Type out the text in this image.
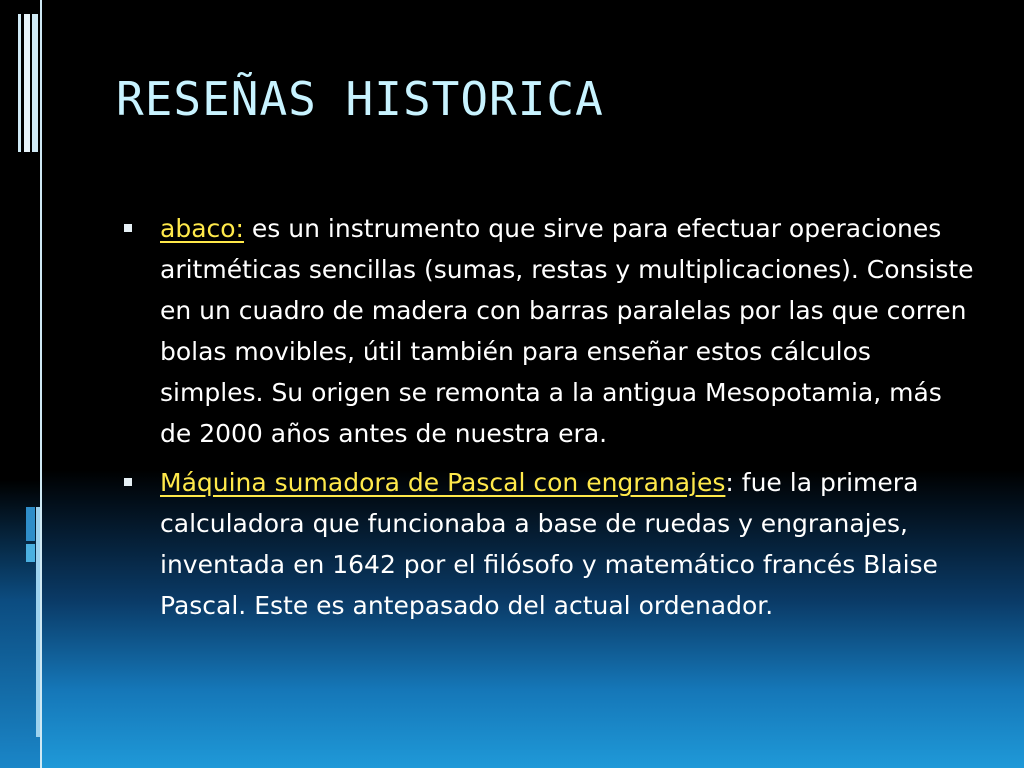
RESEÑAS HISTORICA
abaco: es un instrumento que sirve para efectuar operaciones aritméticas sencillas (sumas, restas y multiplicaciones). Consiste en un cuadro de madera con barras paralelas por las que corren bolas movibles, útil también para enseñar estos cálculos simples. Su origen se remonta a la antigua Mesopotamia, más de 2000 años antes de nuestra era.
Máquina sumadora de Pascal con engranajes: fue la primera calculadora que funcionaba a base de ruedas y engranajes, inventada en 1642 por el filósofo y matemático francés Blaise Pascal. Este es antepasado del actual ordenador.
